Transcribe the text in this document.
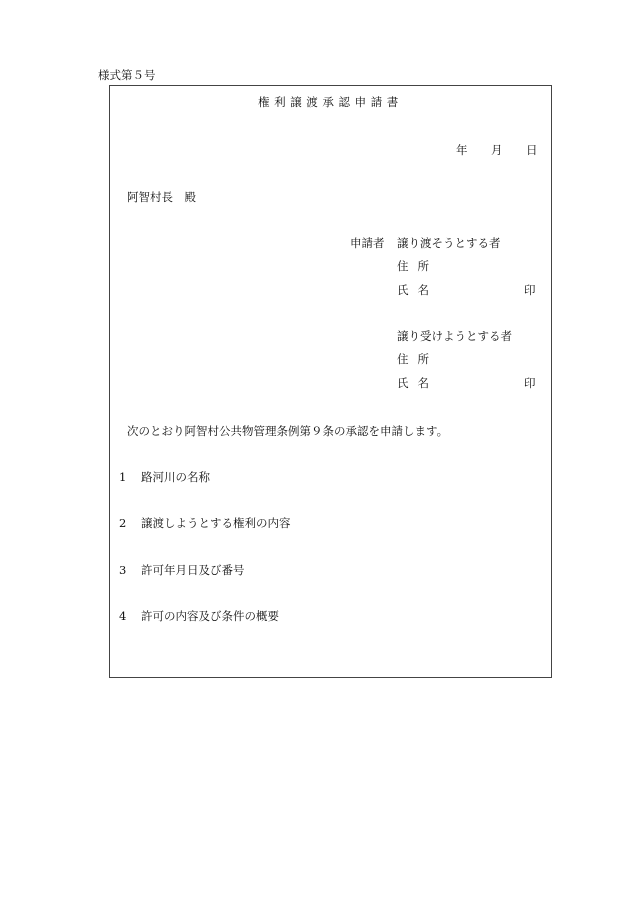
様式第５号
権利譲渡承認申請書
年 月 日
阿智村長　殿
申請者 譲り渡そうとする者
住所
氏名	印
譲り受けようとする者
住所
氏名	印
次のとおり阿智村公共物管理条例第９条の承認を申請します。
1 路河川の名称
2 譲渡しようとする権利の内容
3 許可年月日及び番号
4 許可の内容及び条件の概要
